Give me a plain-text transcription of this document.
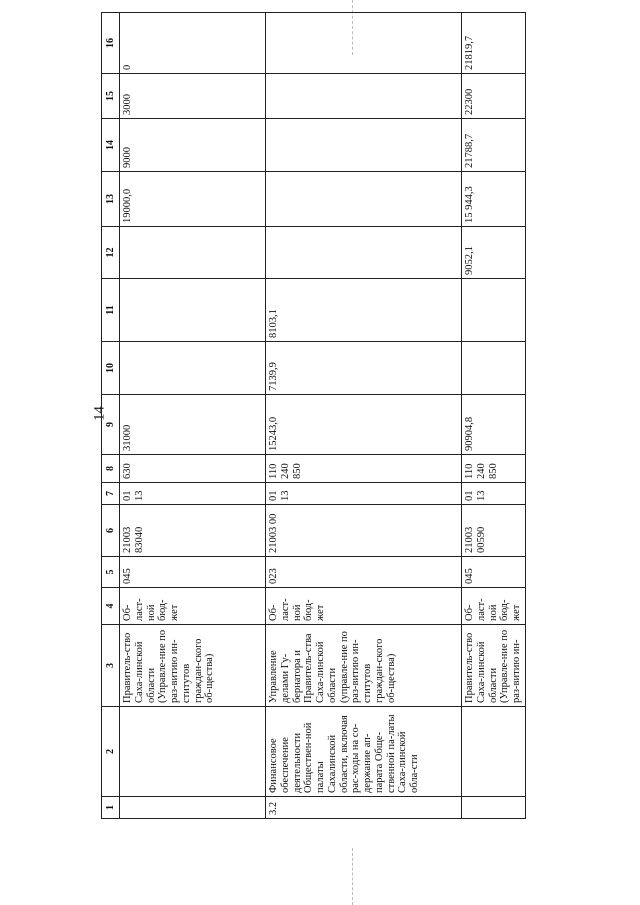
14
1	2	3	4	5	6	7	8	9	10	11	12	13	14	15	16
		Правитель-ство Саха-линской области (Управле-ние по раз-витию ин-ститутов граждан-ского об-щества)	Об-ласт-ной бюд-жет	045	21003 83040	01 13	630	31000				19000,0	9000	3000	0
3.2	Финансовое обеспечение деятельности Обществен-ной палаты Сахалинской области, включая рас-ходы на со-держание ап-парата Обще-ственной па-латы Саха-линской обла-сти	Управление делами Гу-бернатора и Правитель-ства Саха-линской области (управле-ние по раз-витию ин-ститутов граждан-ского об-щества)	Об-ласт-ной бюд-жет	023	21003 00	01 13	110 240 850	15243,0	7139,9	8103,1					
		Правитель-ство Саха-линской области (Управле-ние по раз-витию ин-	Об-ласт-ной бюд-жет	045	21003 00590	01 13	110 240 850	90904,8			9052,1	15 944,3	21788,7	22300	21819,7
